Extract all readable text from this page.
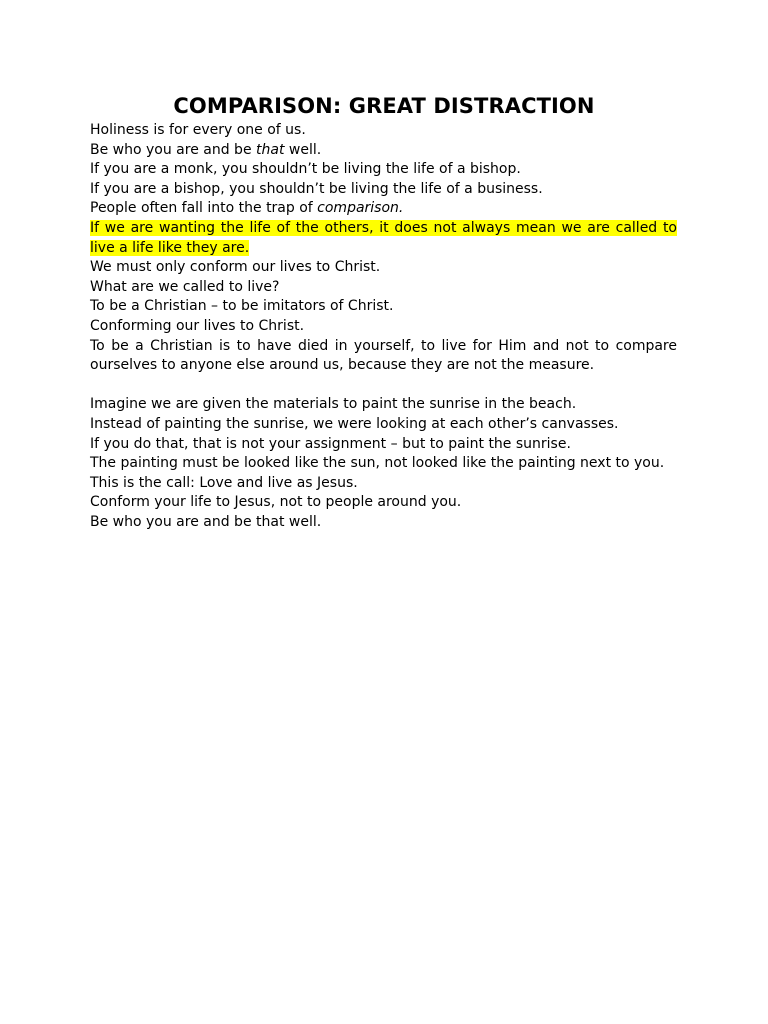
COMPARISON: GREAT DISTRACTION
Holiness is for every one of us.
Be who you are and be that well.
If you are a monk, you shouldn’t be living the life of a bishop.
If you are a bishop, you shouldn’t be living the life of a business.
People often fall into the trap of comparison.
If we are wanting the life of the others, it does not always mean we are called to live a life like they are.
We must only conform our lives to Christ.
What are we called to live?
To be a Christian – to be imitators of Christ.
Conforming our lives to Christ.
To be a Christian is to have died in yourself, to live for Him and not to compare ourselves to anyone else around us, because they are not the measure.
Imagine we are given the materials to paint the sunrise in the beach.
Instead of painting the sunrise, we were looking at each other’s canvasses.
If you do that, that is not your assignment – but to paint the sunrise.
The painting must be looked like the sun, not looked like the painting next to you.
This is the call: Love and live as Jesus.
Conform your life to Jesus, not to people around you.
Be who you are and be that well.
